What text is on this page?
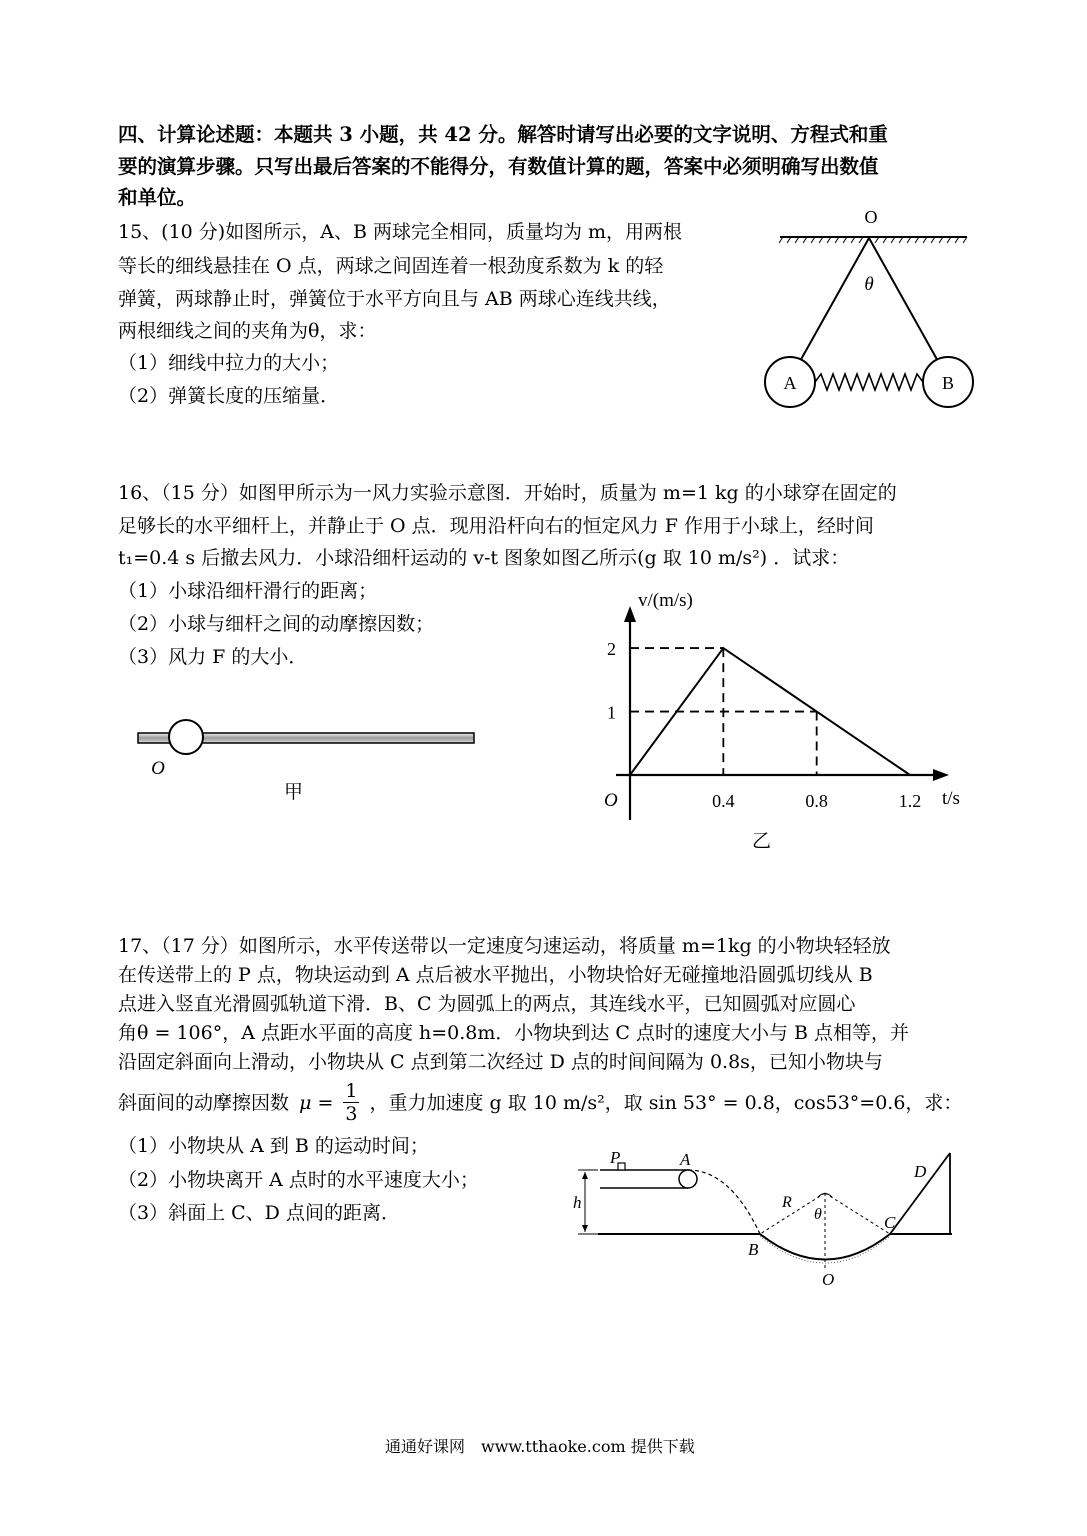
四、计算论述题：本题共 3 小题，共 42 分。解答时请写出必要的文字说明、方程式和重
要的演算步骤。只写出最后答案的不能得分，有数值计算的题，答案中必须明确写出数值
和单位。
15、(10 分)如图所示，A、B 两球完全相同，质量均为 m，用两根
等长的细线悬挂在 O 点，两球之间固连着一根劲度系数为 k 的轻
弹簧，两球静止时，弹簧位于水平方向且与 AB 两球心连线共线，
两根细线之间的夹角为θ，求：
（1）细线中拉力的大小；
（2）弹簧长度的压缩量．
O
θ
A	B
16、（15 分）如图甲所示为一风力实验示意图．开始时，质量为 m=1 kg 的小球穿在固定的
足够长的水平细杆上，并静止于 O 点．现用沿杆向右的恒定风力 F 作用于小球上，经时间
t₁=0.4 s 后撤去风力．小球沿细杆运动的 v-t 图象如图乙所示(g 取 10 m/s²) ．试求：
（1）小球沿细杆滑行的距离；
（2）小球与细杆之间的动摩擦因数；
（3）风力 F 的大小．
O
甲
v/(m/s)
t/s
O	0.4	0.8	1.2
1
2
乙
17、（17 分）如图所示，水平传送带以一定速度匀速运动，将质量 m=1kg 的小物块轻轻放
在传送带上的 P 点，物块运动到 A 点后被水平抛出，小物块恰好无碰撞地沿圆弧切线从 B
点进入竖直光滑圆弧轨道下滑．B、C 为圆弧上的两点，其连线水平，已知圆弧对应圆心
角θ = 106°，A 点距水平面的高度 h=0.8m．小物块到达 C 点时的速度大小与 B 点相等，并
沿固定斜面向上滑动，小物块从 C 点到第二次经过 D 点的时间间隔为 0.8s，已知小物块与
斜面间的动摩擦因数 $\mu = \frac{1}{3}$ ，重力加速度 g 取 10 m/s²，取 sin 53° = 0.8，cos53°=0.6，求：
（1）小物块从 A 到 B 的运动时间；
（2）小物块离开 A 点时的水平速度大小；
（3）斜面上 C、D 点间的距离．
P	A
h	R
θ	C
D
B
O
通通好课网　www.tthaoke.com 提供下载
